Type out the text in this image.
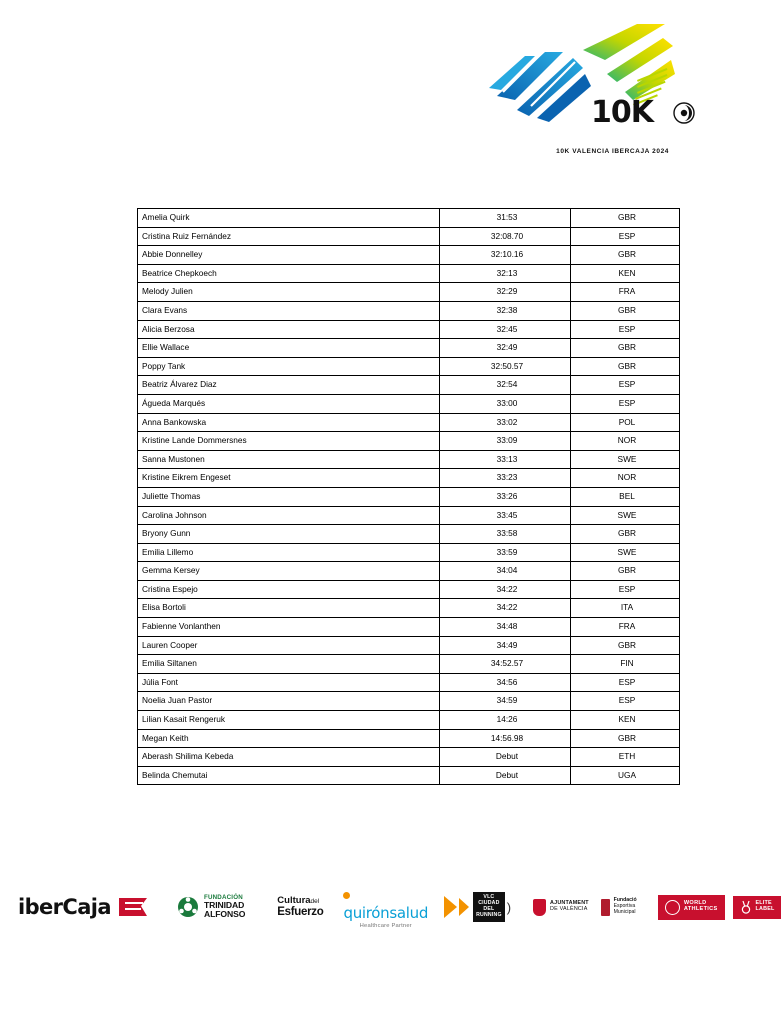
10K
10K VALENCIA IBERCAJA 2024
Amelia Quirk	31:53	GBR
Cristina Ruiz Fernández	32:08.70	ESP
Abbie Donnelley	32:10.16	GBR
Beatrice Chepkoech	32:13	KEN
Melody Julien	32:29	FRA
Clara Evans	32:38	GBR
Alicia Berzosa	32:45	ESP
Ellie Wallace	32:49	GBR
Poppy Tank	32:50.57	GBR
Beatriz Álvarez Diaz	32:54	ESP
Águeda Marqués	33:00	ESP
Anna Bankowska	33:02	POL
Kristine Lande Dommersnes	33:09	NOR
Sanna Mustonen	33:13	SWE
Kristine Eikrem Engeset	33:23	NOR
Juliette Thomas	33:26	BEL
Carolina Johnson	33:45	SWE
Bryony Gunn	33:58	GBR
Emilia Lillemo	33:59	SWE
Gemma Kersey	34:04	GBR
Cristina Espejo	34:22	ESP
Elisa Bortoli	34:22	ITA
Fabienne Vonlanthen	34:48	FRA
Lauren Cooper	34:49	GBR
Emilia Siltanen	34:52.57	FIN
Júlia Font	34:56	ESP
Noelia Juan Pastor	34:59	ESP
Lilian Kasait Rengeruk	14:26	KEN
Megan Keith	14:56.98	GBR
Aberash Shilima Kebeda	Debut	ETH
Belinda Chemutai	Debut	UGA
iberCaja	FUNDACIÓN
TRINIDAD
ALFONSO
Culturadel
Esfuerzo quirónsalud
Healthcare Partner
VLC
CIUDAD DEL
RUNNING
)	AJUNTAMENT
DE VALÈNCIA
Fundació
Esportiva Municipal
WORLD
ATHLETICS
ELITE
LABEL
